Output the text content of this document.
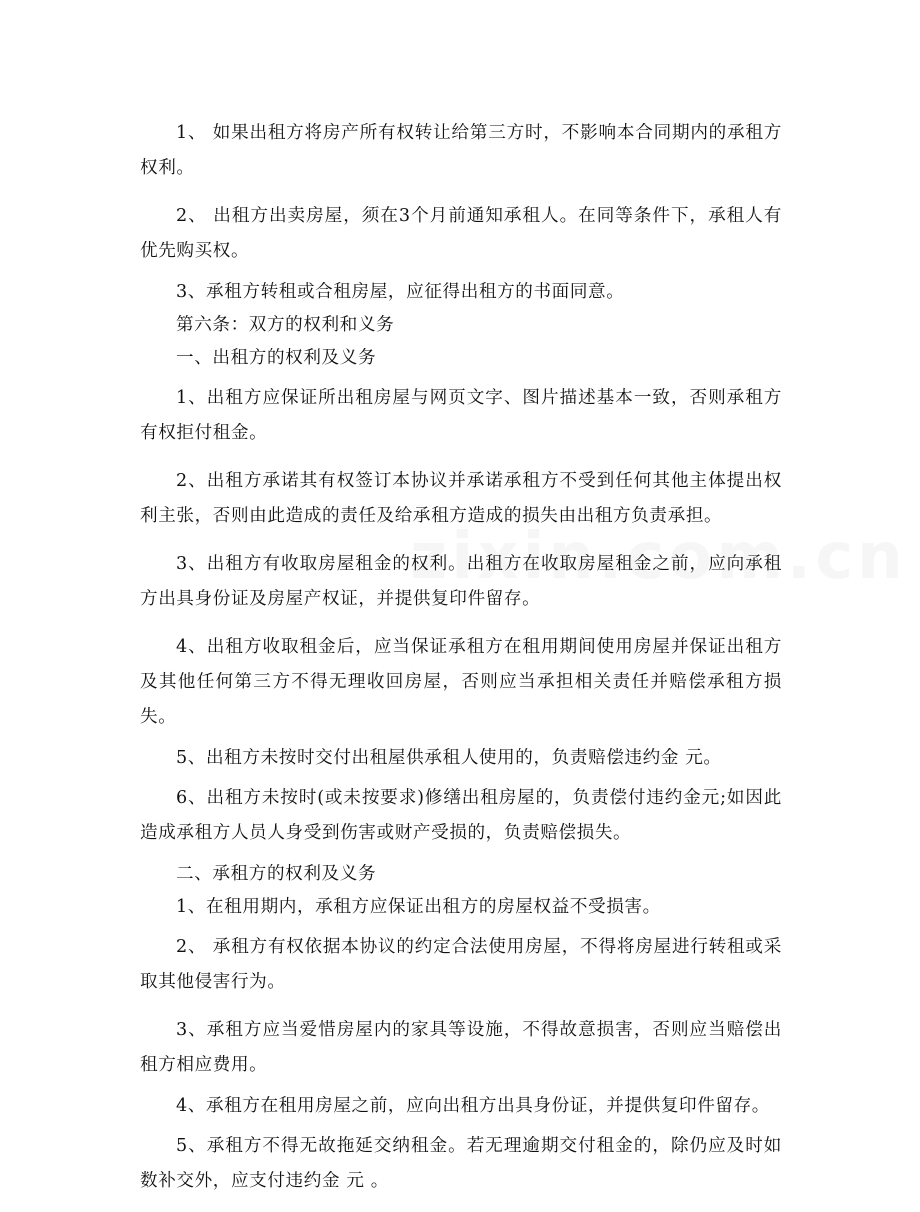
1、 如果出租方将房产所有权转让给第三方时，不影响本合同期内的承租方权利。

2、 出租方出卖房屋，须在3个月前通知承租人。在同等条件下，承租人有优先购买权。

3、承租方转租或合租房屋，应征得出租方的书面同意。

第六条：双方的权利和义务

一、出租方的权利及义务

1、出租方应保证所出租房屋与网页文字、图片描述基本一致，否则承租方有权拒付租金。

2、出租方承诺其有权签订本协议并承诺承租方不受到任何其他主体提出权利主张，否则由此造成的责任及给承租方造成的损失由出租方负责承担。

3、出租方有收取房屋租金的权利。出租方在收取房屋租金之前，应向承租方出具身份证及房屋产权证，并提供复印件留存。

4、出租方收取租金后，应当保证承租方在租用期间使用房屋并保证出租方及其他任何第三方不得无理收回房屋，否则应当承担相关责任并赔偿承租方损失。

5、出租方未按时交付出租屋供承租人使用的，负责赔偿违约金 元。

6、出租方未按时(或未按要求)修缮出租房屋的，负责偿付违约金元;如因此造成承租方人员人身受到伤害或财产受损的，负责赔偿损失。

二、承租方的权利及义务

1、在租用期内，承租方应保证出租方的房屋权益不受损害。

2、 承租方有权依据本协议的约定合法使用房屋，不得将房屋进行转租或采取其他侵害行为。

3、承租方应当爱惜房屋内的家具等设施，不得故意损害，否则应当赔偿出租方相应费用。

4、承租方在租用房屋之前，应向出租方出具身份证，并提供复印件留存。

5、承租方不得无故拖延交纳租金。若无理逾期交付租金的，除仍应及时如数补交外，应支付违约金 元 。
